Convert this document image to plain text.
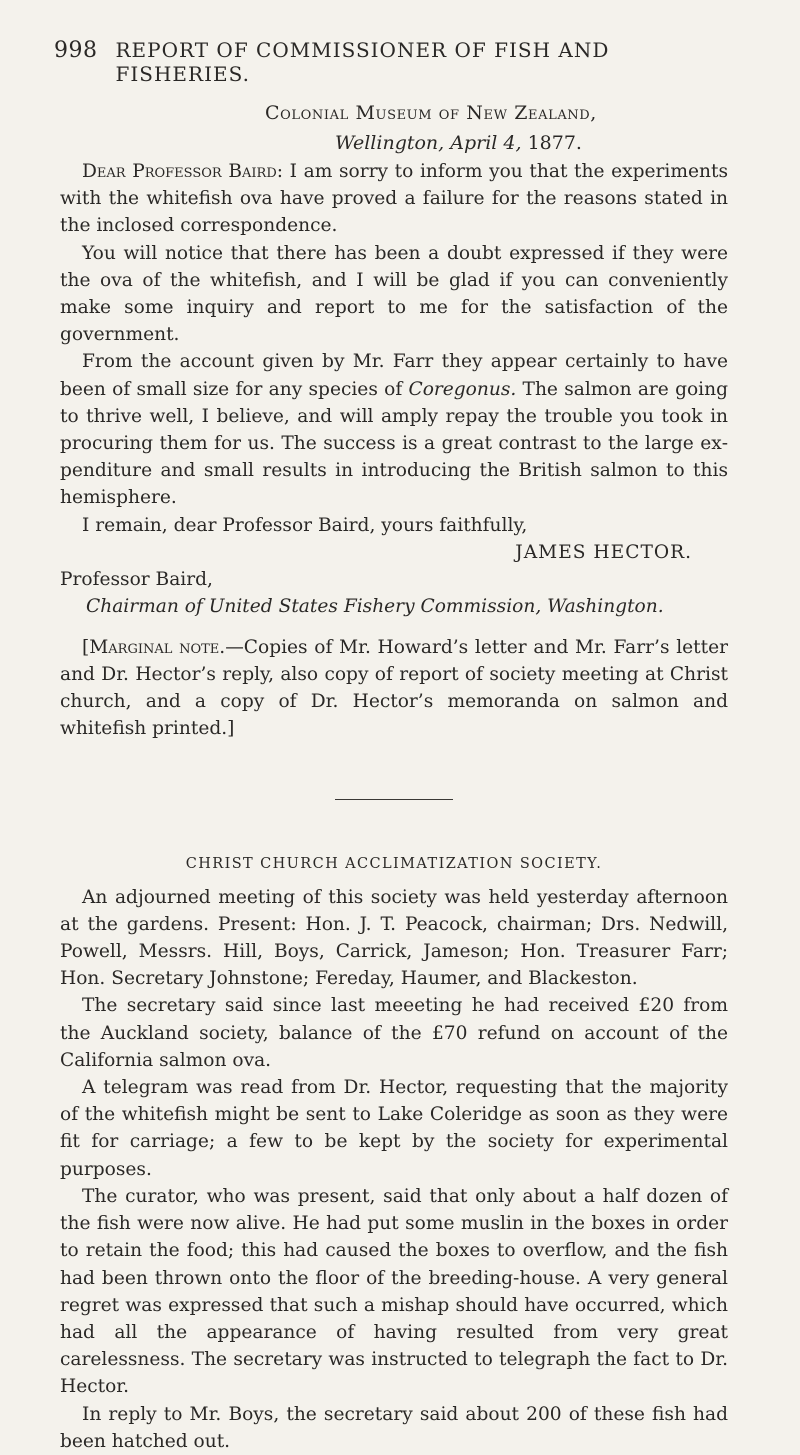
998 REPORT OF COMMISSIONER OF FISH AND FISHERIES.
Colonial Museum of New Zealand,
Wellington, April 4, 1877.

Dear Professor Baird: I am sorry to inform you that the experiments with the whitefish ova have proved a failure for the reasons stated in the inclosed correspondence.

You will notice that there has been a doubt expressed if they were the ova of the whitefish, and I will be glad if you can conveniently make some inquiry and report to me for the satisfaction of the government.

From the account given by Mr. Farr they appear certainly to have been of small size for any species of Coregonus. The salmon are going to thrive well, I believe, and will amply repay the trouble you took in procuring them for us. The success is a great contrast to the large expenditure and small results in introducing the British salmon to this hemisphere.

I remain, dear Professor Baird, yours faithfully,

JAMES HECTOR.
Professor Baird,
Chairman of United States Fishery Commission, Washington.

[Marginal note.—Copies of Mr. Howard’s letter and Mr. Farr’s letter and Dr. Hector’s reply, also copy of report of society meeting at Christ church, and a copy of Dr. Hector’s memoranda on salmon and whitefish printed.]

CHRIST CHURCH ACCLIMATIZATION SOCIETY.

An adjourned meeting of this society was held yesterday afternoon at the gardens. Present: Hon. J. T. Peacock, chairman; Drs. Nedwill, Powell, Messrs. Hill, Boys, Carrick, Jameson; Hon. Treasurer Farr; Hon. Secretary Johnstone; Fereday, Haumer, and Blackeston.

The secretary said since last meeeting he had received £20 from the Auckland society, balance of the £70 refund on account of the California salmon ova.

A telegram was read from Dr. Hector, requesting that the majority of the whitefish might be sent to Lake Coleridge as soon as they were fit for carriage; a few to be kept by the society for experimental purposes.

The curator, who was present, said that only about a half dozen of the fish were now alive. He had put some muslin in the boxes in order to retain the food; this had caused the boxes to overflow, and the fish had been thrown onto the floor of the breeding-house. A very general regret was expressed that such a mishap should have occurred, which had all the appearance of having resulted from very great carelessness. The secretary was instructed to telegraph the fact to Dr. Hector.

In reply to Mr. Boys, the secretary said about 200 of these fish had been hatched out.
